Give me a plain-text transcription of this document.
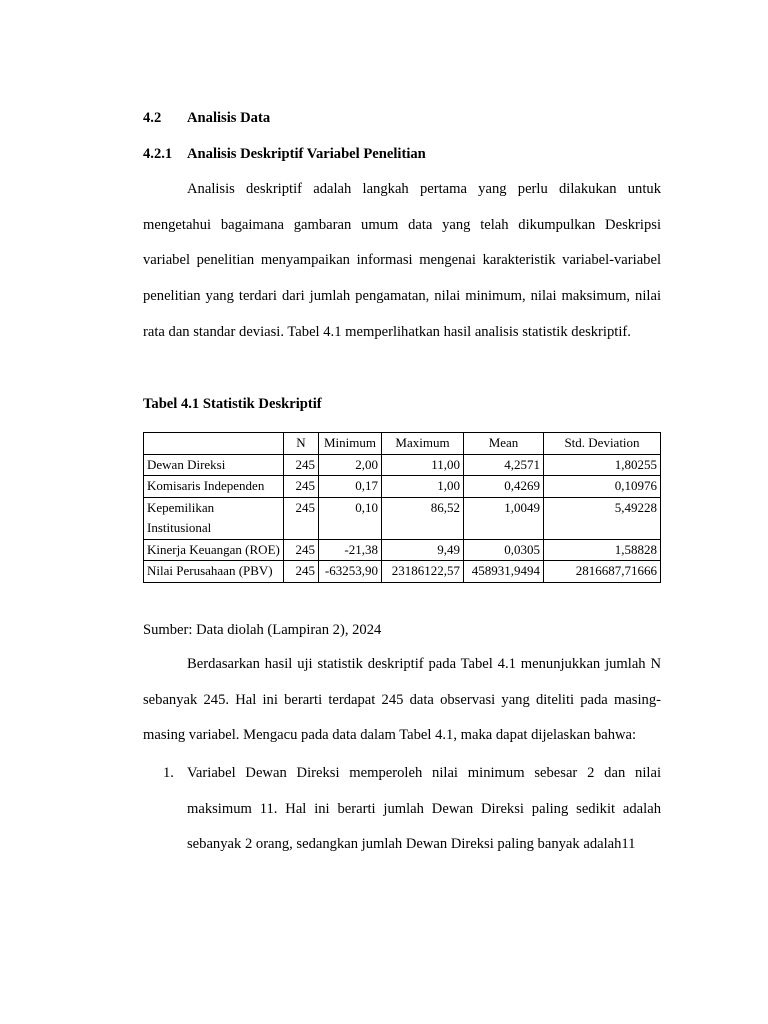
4.2 Analisis Data
4.2.1 Analisis Deskriptif Variabel Penelitian

Analisis deskriptif adalah langkah pertama yang perlu dilakukan untuk mengetahui bagaimana gambaran umum data yang telah dikumpulkan Deskripsi variabel penelitian menyampaikan informasi mengenai karakteristik variabel-variabel penelitian yang terdari dari jumlah pengamatan, nilai minimum, nilai maksimum, nilai rata dan standar deviasi. Tabel 4.1 memperlihatkan hasil analisis statistik deskriptif.

Tabel 4.1 Statistik Deskriptif
	N	Minimum	Maximum	Mean	Std. Deviation
Dewan Direksi	245	2,00	11,00	4,2571	1,80255
Komisaris Independen	245	0,17	1,00	0,4269	0,10976
Kepemilikan Institusional	245	0,10	86,52	1,0049	5,49228
Kinerja Keuangan (ROE)	245	-21,38	9,49	0,0305	1,58828
Nilai Perusahaan (PBV)	245	-63253,90	23186122,57	458931,9494	2816687,71666
Sumber: Data diolah (Lampiran 2), 2024

Berdasarkan hasil uji statistik deskriptif pada Tabel 4.1 menunjukkan jumlah N sebanyak 245. Hal ini berarti terdapat 245 data observasi yang diteliti pada masing-masing variabel. Mengacu pada data dalam Tabel 4.1, maka dapat dijelaskan bahwa:

1. Variabel Dewan Direksi memperoleh nilai minimum sebesar 2 dan nilai maksimum 11. Hal ini berarti jumlah Dewan Direksi paling sedikit adalah sebanyak 2 orang, sedangkan jumlah Dewan Direksi paling banyak adalah11
